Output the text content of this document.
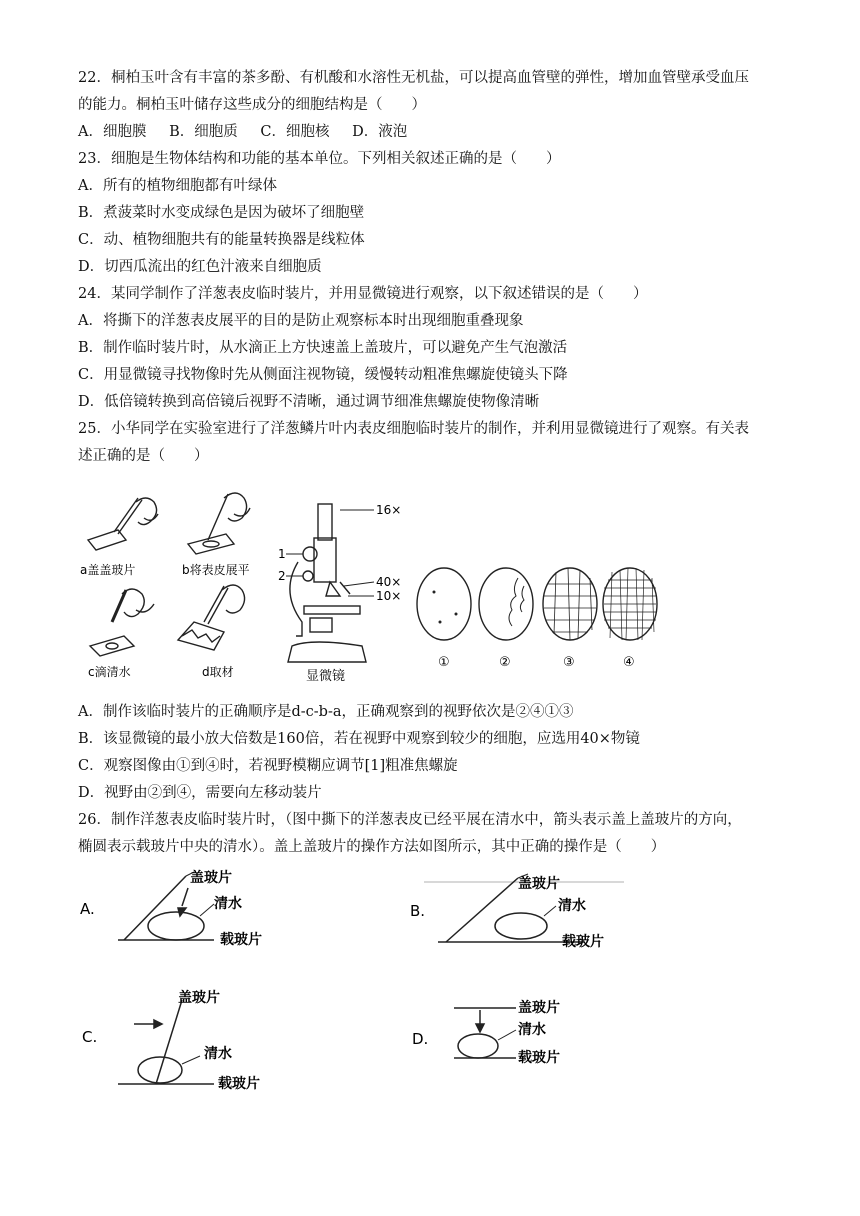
22．桐柏玉叶含有丰富的茶多酚、有机酸和水溶性无机盐，可以提高血管壁的弹性，增加血管壁承受血压
的能力。桐柏玉叶储存这些成分的细胞结构是（　　）
A．细胞膜 B．细胞质 C．细胞核 D．液泡
23．细胞是生物体结构和功能的基本单位。下列相关叙述正确的是（　　）
A．所有的植物细胞都有叶绿体
B．煮菠菜时水变成绿色是因为破坏了细胞壁
C．动、植物细胞共有的能量转换器是线粒体
D．切西瓜流出的红色汁液来自细胞质
24．某同学制作了洋葱表皮临时装片，并用显微镜进行观察，以下叙述错误的是（　　）
A．将撕下的洋葱表皮展平的目的是防止观察标本时出现细胞重叠现象
B．制作临时装片时，从水滴正上方快速盖上盖玻片，可以避免产生气泡激活
C．用显微镜寻找物像时先从侧面注视物镜，缓慢转动粗准焦螺旋使镜头下降
D．低倍镜转换到高倍镜后视野不清晰，通过调节细准焦螺旋使物像清晰
25．小华同学在实验室进行了洋葱鳞片叶内表皮细胞临时装片的制作，并利用显微镜进行了观察。有关表
述正确的是（　　）
a盖盖玻片	b将表皮展平
c滴清水	d取材
16×
1
2	40×
10×
显微镜
①	②	③	④
A．制作该临时装片的正确顺序是d-c-b-a，正确观察到的视野依次是②④①③
B．该显微镜的最小放大倍数是160倍，若在视野中观察到较少的细胞，应选用40×物镜
C．观察图像由①到④时，若视野模糊应调节[1]粗准焦螺旋
D．视野由②到④，需要向左移动装片
26．制作洋葱表皮临时装片时，（图中撕下的洋葱表皮已经平展在清水中，箭头表示盖上盖玻片的方向，
椭圆表示载玻片中央的清水）。盖上盖玻片的操作方法如图所示，其中正确的操作是（　　）
A.	B.
C.	D.
盖玻片
清水
载玻片
盖玻片
清水
载玻片
盖玻片
清水
载玻片
盖玻片
清水
载玻片
